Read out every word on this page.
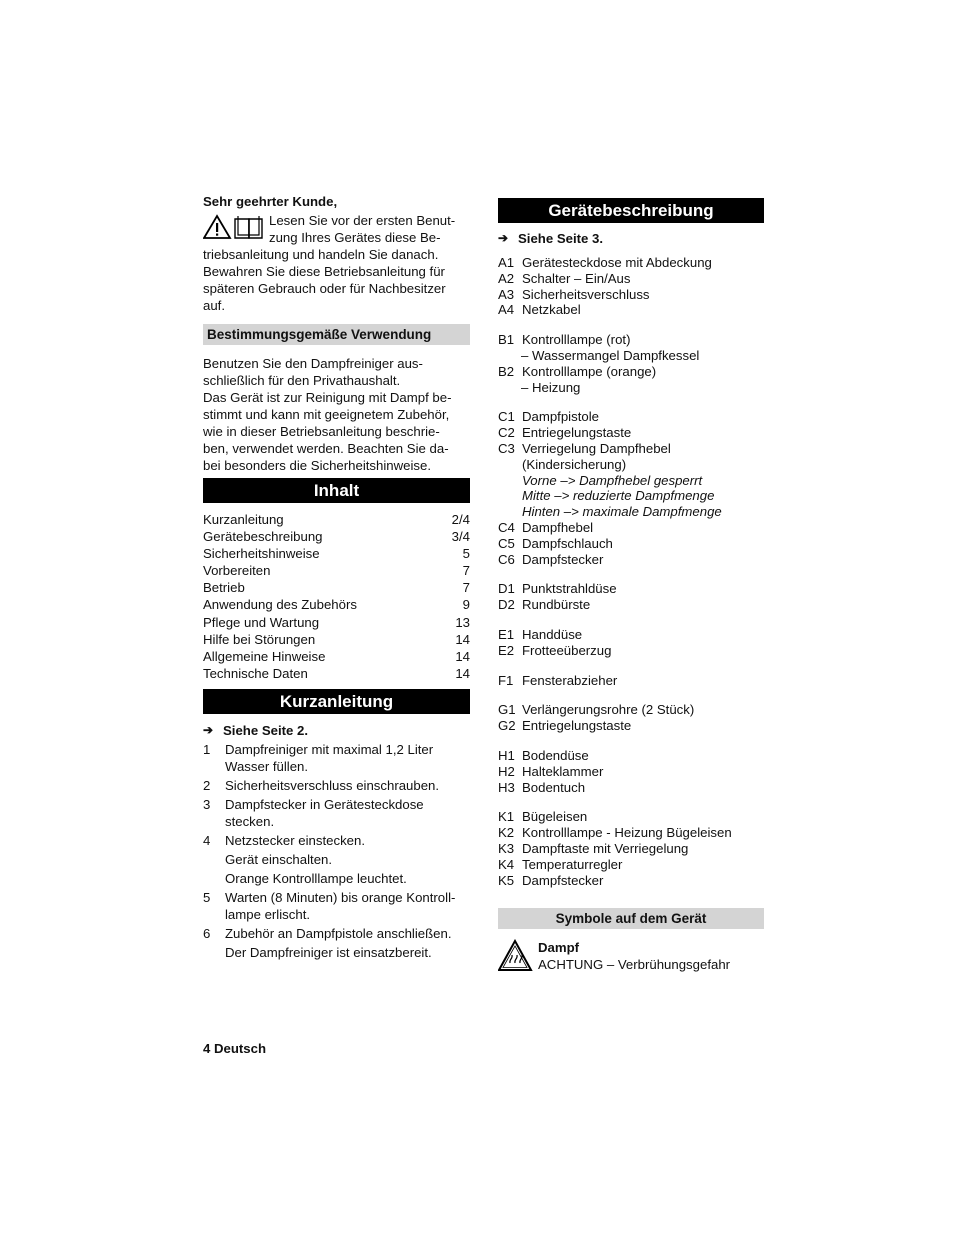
Sehr geehrter Kunde,

Lesen Sie vor der ersten Benut-
zung Ihres Gerätes diese Be-
triebsanleitung und handeln Sie danach.
Bewahren Sie diese Betriebsanleitung für
späteren Gebrauch oder für Nachbesitzer
auf.
Bestimmungsgemäße Verwendung
Benutzen Sie den Dampfreiniger aus-
schließlich für den Privathaushalt.
Das Gerät ist zur Reinigung mit Dampf be-
stimmt und kann mit geeignetem Zubehör,
wie in dieser Betriebsanleitung beschrie-
ben, verwendet werden. Beachten Sie da-
bei besonders die Sicherheitshinweise.
Inhalt
Kurzanleitung	2/4
Gerätebeschreibung	3/4
Sicherheitshinweise	5
Vorbereiten	7
Betrieb	7
Anwendung des Zubehörs	9
Pflege und Wartung	13
Hilfe bei Störungen	14
Allgemeine Hinweise	14
Technische Daten	14
Kurzanleitung
➔ Siehe Seite 2.
1	Dampfreiniger mit maximal 1,2 Liter
Wasser füllen.
2	Sicherheitsverschluss einschrauben.
3	Dampfstecker in Gerätesteckdose
stecken.
4	Netzstecker einstecken.
Gerät einschalten.
Orange Kontrolllampe leuchtet.
5	Warten (8 Minuten) bis orange Kontroll-
lampe erlischt.
6	Zubehör an Dampfpistole anschließen.
Der Dampfreiniger ist einsatzbereit.
Gerätebeschreibung
➔ Siehe Seite 3.
A1 Gerätesteckdose mit Abdeckung
A2 Schalter – Ein/Aus
A3 Sicherheitsverschluss
A4 Netzkabel
B1 Kontrolllampe (rot)
– Wassermangel Dampfkessel
B2 Kontrolllampe (orange)
– Heizung
C1 Dampfpistole
C2 Entriegelungstaste
C3 Verriegelung Dampfhebel
(Kindersicherung)
Vorne –> Dampfhebel gesperrt
Mitte –> reduzierte Dampfmenge
Hinten –> maximale Dampfmenge
C4 Dampfhebel
C5 Dampfschlauch
C6 Dampfstecker
D1 Punktstrahldüse
D2 Rundbürste
E1 Handdüse
E2 Frotteeüberzug
F1 Fensterabzieher
G1 Verlängerungsrohre (2 Stück)
G2 Entriegelungstaste
H1 Bodendüse
H2 Halteklammer
H3 Bodentuch
K1 Bügeleisen
K2 Kontrolllampe - Heizung Bügeleisen
K3 Dampftaste mit Verriegelung
K4 Temperaturregler
K5 Dampfstecker
Symbole auf dem Gerät
Dampf
ACHTUNG – Verbrühungsgefahr
4 Deutsch
